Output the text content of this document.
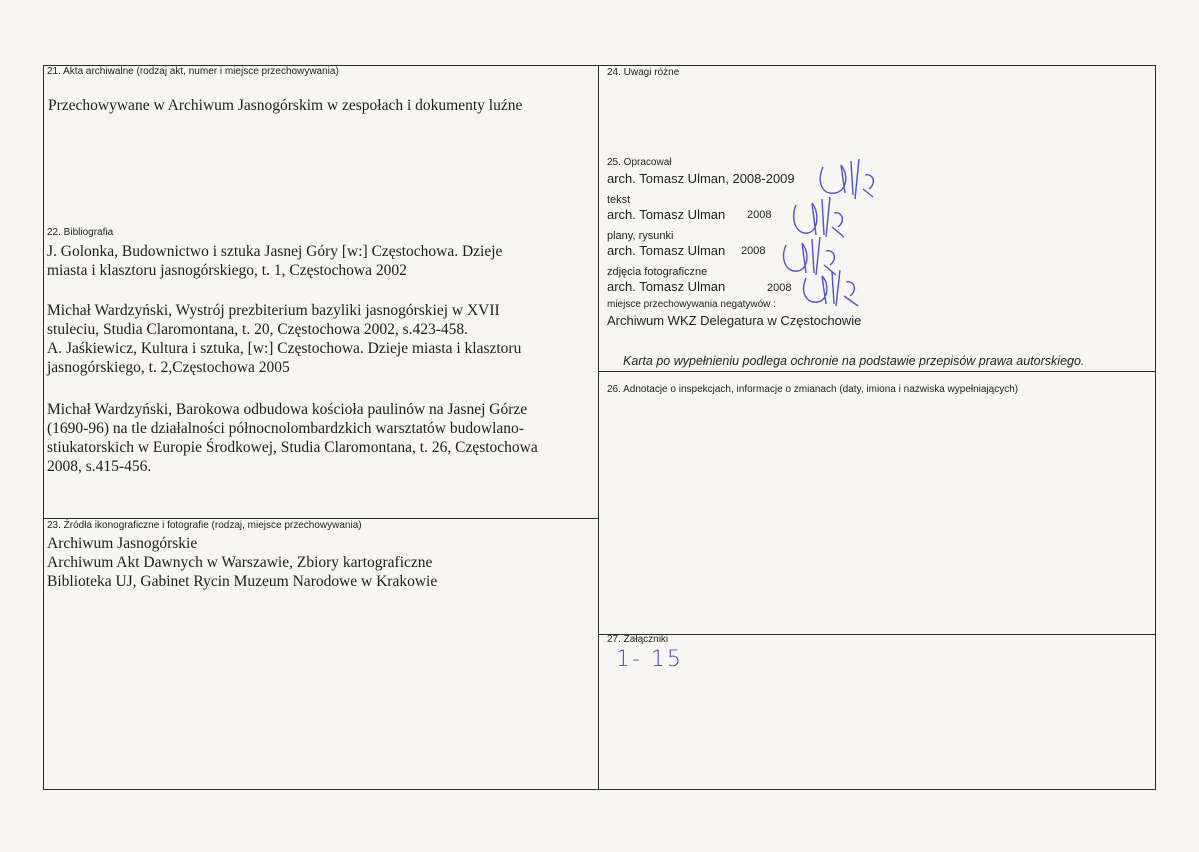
21. Akta archiwalne (rodzaj akt, numer i miejsce przechowywania)
Przechowywane w Archiwum Jasnogórskim w zespołach i dokumenty luźne
22. Bibliografia
J. Golonka, Budownictwo i sztuka Jasnej Góry [w:] Częstochowa. Dzieje
miasta i klasztoru jasnogórskiego, t. 1, Częstochowa 2002
Michał Wardzyński, Wystrój prezbiterium bazyliki jasnogórskiej w XVII
stuleciu, Studia Claromontana, t. 20, Częstochowa 2002, s.423-458.
A. Jaśkiewicz, Kultura i sztuka, [w:] Częstochowa. Dzieje miasta i klasztoru
jasnogórskiego, t. 2,Częstochowa 2005
Michał Wardzyński, Barokowa odbudowa kościoła paulinów na Jasnej Górze
(1690-96) na tle działalności północnolombardzkich warsztatów budowlano-
stiukatorskich w Europie Środkowej, Studia Claromontana, t. 26, Częstochowa
2008, s.415-456.
23. Źródła ikonograficzne i fotografie (rodzaj, miejsce przechowywania)
Archiwum Jasnogórskie
Archiwum Akt Dawnych w Warszawie, Zbiory kartograficzne
Biblioteka UJ, Gabinet Rycin Muzeum Narodowe w Krakowie
24. Uwagi różne
25. Opracował
arch. Tomasz Ulman, 2008-2009
tekst
arch. Tomasz Ulman 2008
plany, rysunki
arch. Tomasz Ulman 2008
zdjęcia fotograficzne
arch. Tomasz Ulman	2008
miejsce przechowywania negatywów :
Archiwum WKZ Delegatura w Częstochowie
Karta po wypełnieniu podlega ochronie na podstawie przepisów prawa autorskiego.
26. Adnotacje o inspekcjach, informacje o zmianach (daty, imiona i nazwiska wypełniających)
27. Załączniki
1- 15
